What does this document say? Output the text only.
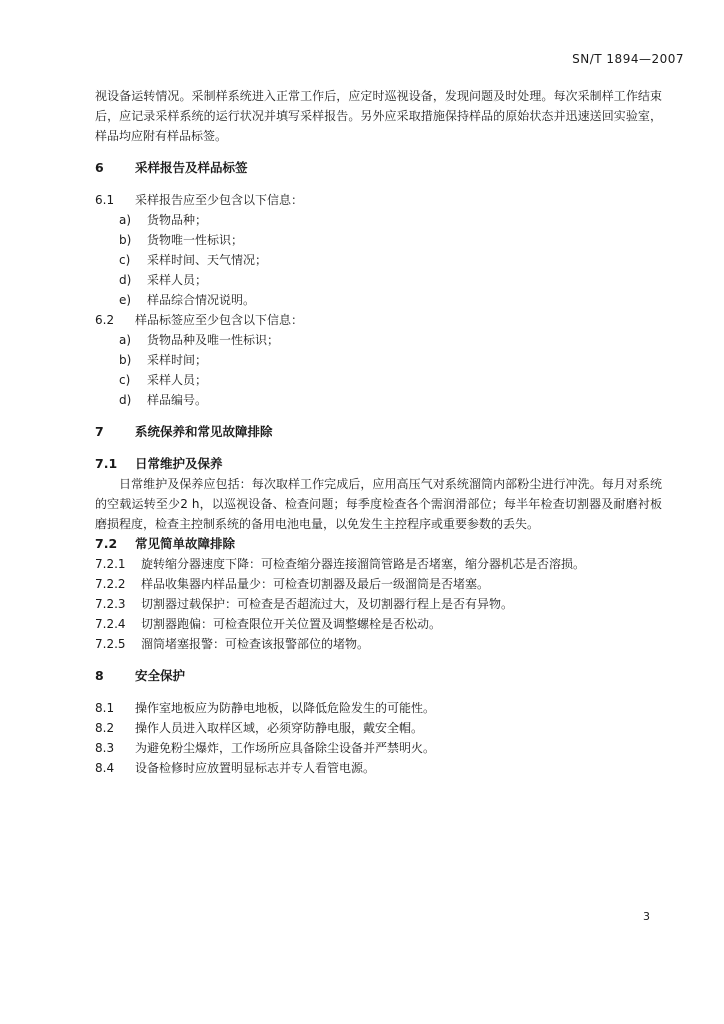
SN/T 1894—2007

视设备运转情况。采制样系统进入正常工作后，应定时巡视设备，发现问题及时处理。每次采制样工作结束后，应记录采样系统的运行状况并填写采样报告。另外应采取措施保持样品的原始状态并迅速送回实验室，样品均应附有样品标签。

6	采样报告及样品标签
6.1	采样报告应至少包含以下信息：
a)	货物品种；
b)	货物唯一性标识；
c)	采样时间、天气情况；
d)	采样人员；
e)	样品综合情况说明。
6.2	样品标签应至少包含以下信息：
a)	货物品种及唯一性标识；
b)	采样时间；
c)	采样人员；
d)	样品编号。
7	系统保养和常见故障排除
7.1	日常维护及保养

日常维护及保养应包括：每次取样工作完成后，应用高压气对系统溜筒内部粉尘进行冲洗。每月对系统的空载运转至少2 h，以巡视设备、检查问题；每季度检查各个需润滑部位；每半年检查切割器及耐磨衬板磨损程度，检查主控制系统的备用电池电量，以免发生主控程序或重要参数的丢失。

7.2	常见简单故障排除
7.2.1	旋转缩分器速度下降：可检查缩分器连接溜筒管路是否堵塞，缩分器机芯是否溶损。
7.2.2	样品收集器内样品量少：可检查切割器及最后一级溜筒是否堵塞。
7.2.3	切割器过载保护：可检查是否超流过大，及切割器行程上是否有异物。
7.2.4	切割器跑偏：可检查限位开关位置及调整螺栓是否松动。
7.2.5	溜筒堵塞报警：可检查该报警部位的堵物。
8	安全保护
8.1	操作室地板应为防静电地板，以降低危险发生的可能性。
8.2	操作人员进入取样区域，必须穿防静电服，戴安全帽。
8.3	为避免粉尘爆炸，工作场所应具备除尘设备并严禁明火。
8.4	设备检修时应放置明显标志并专人看管电源。
3
